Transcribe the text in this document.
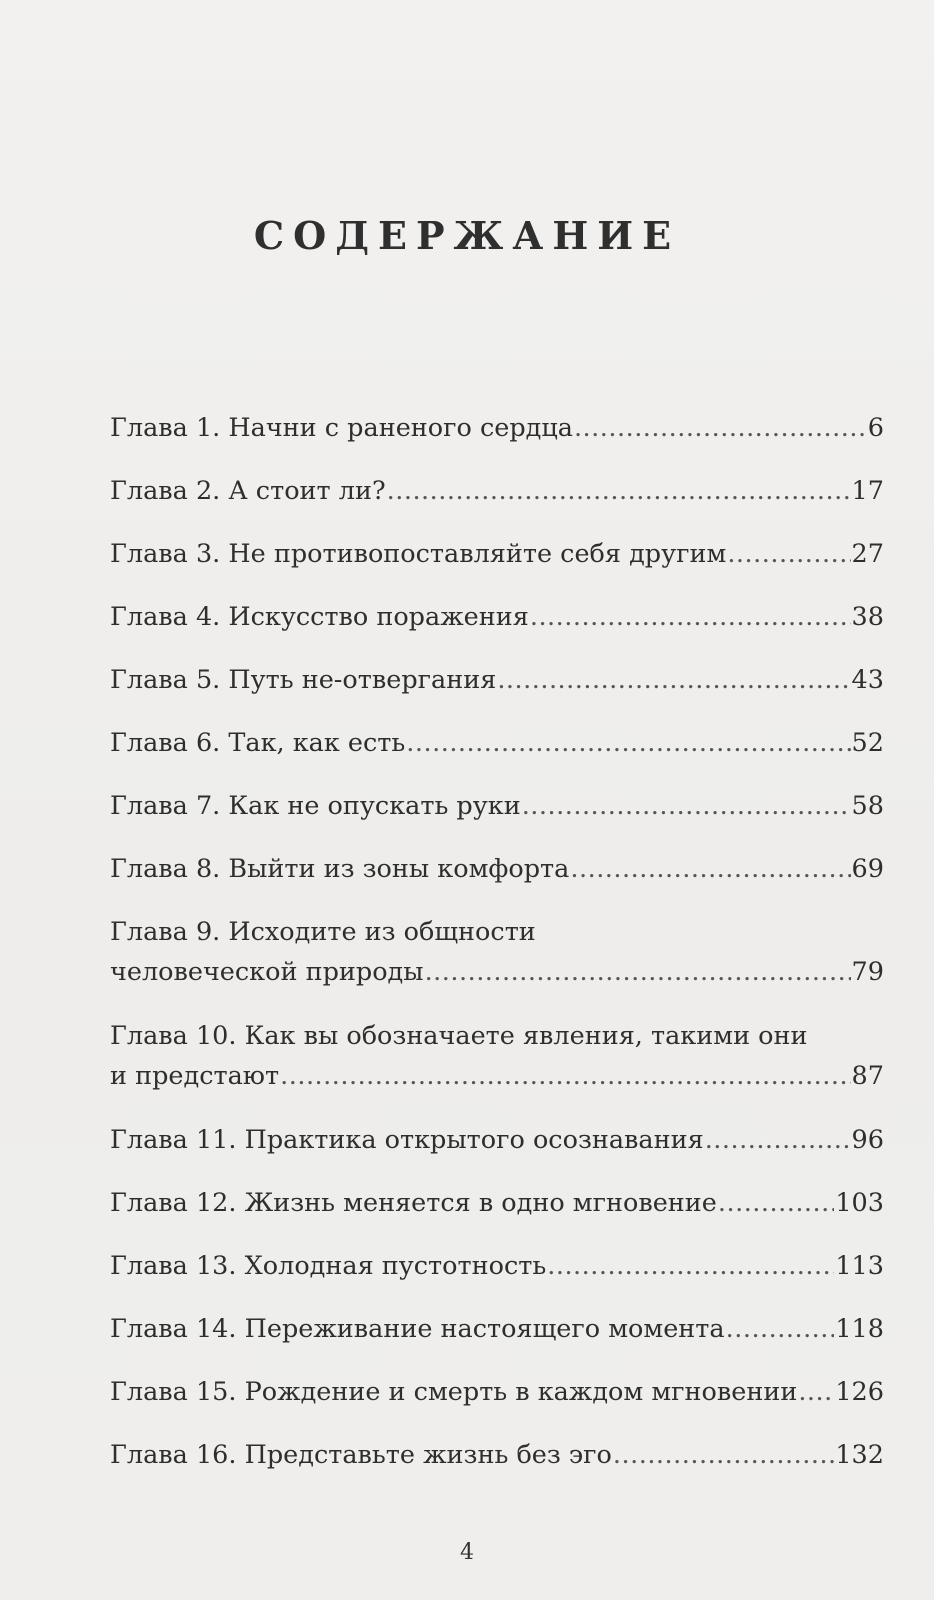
СОДЕРЖАНИЕ
Глава 1. Начни с раненого сердца .....	6
Глава 2. А стоит ли? .....	17
Глава 3. Не противопоставляйте себя другим .....	27
Глава 4. Искусство поражения .....	38
Глава 5. Путь не-отвергания .....	43
Глава 6. Так, как есть .....	52
Глава 7. Как не опускать руки .....	58
Глава 8. Выйти из зоны комфорта .....	69
Глава 9. Исходите из общности
человеческой природы .....	79
Глава 10. Как вы обозначаете явления, такими они
и предстают .....	87
Глава 11. Практика открытого осознавания .....	96
Глава 12. Жизнь меняется в одно мгновение .....	103
Глава 13. Холодная пустотность .....	113
Глава 14. Переживание настоящего момента .....	118
Глава 15. Рождение и смерть в каждом мгновении ..... 126
Глава 16. Представьте жизнь без эго .....	132
4
